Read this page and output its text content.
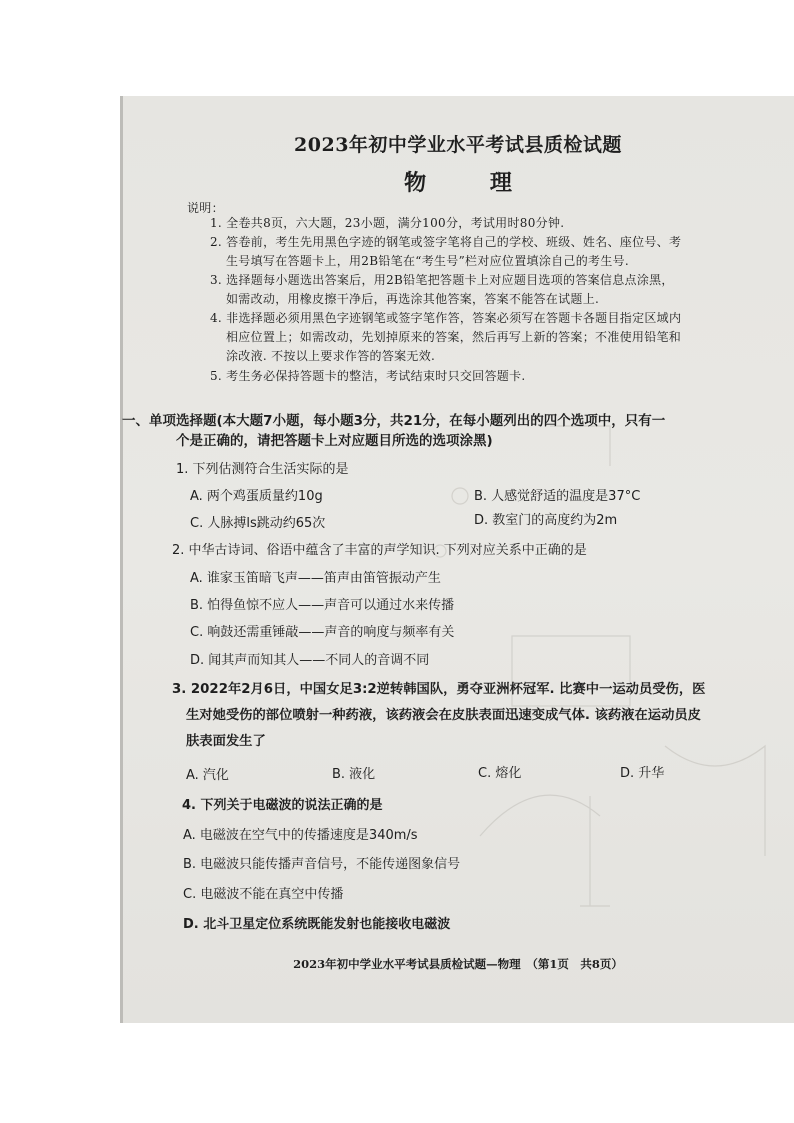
2023年初中学业水平考试县质检试题
物 理
说明：
1. 全卷共8页，六大题，23小题，满分100分，考试用时80分钟.
2. 答卷前，考生先用黑色字迹的钢笔或签字笔将自己的学校、班级、姓名、座位号、考
生号填写在答题卡上，用2B铅笔在“考生号”栏对应位置填涂自己的考生号.
3. 选择题每小题选出答案后，用2B铅笔把答题卡上对应题目选项的答案信息点涂黑，
如需改动，用橡皮擦干净后，再选涂其他答案，答案不能答在试题上.
4. 非选择题必须用黑色字迹钢笔或签字笔作答，答案必须写在答题卡各题目指定区域内
相应位置上；如需改动，先划掉原来的答案，然后再写上新的答案；不准使用铅笔和
涂改液. 不按以上要求作答的答案无效.
5. 考生务必保持答题卡的整洁，考试结束时只交回答题卡.
一、单项选择题(本大题7小题，每小题3分，共21分，在每小题列出的四个选项中，只有一
个是正确的，请把答题卡上对应题目所选的选项涂黑)
1. 下列估测符合生活实际的是
A. 两个鸡蛋质量约10g	B. 人感觉舒适的温度是37°C
C. 人脉搏ls跳动约65次	D. 教室门的高度约为2m
2. 中华古诗词、俗语中蕴含了丰富的声学知识. 下列对应关系中正确的是
A. 谁家玉笛暗飞声——笛声由笛管振动产生
B. 怕得鱼惊不应人——声音可以通过水来传播
C. 响鼓还需重锤敲——声音的响度与频率有关
D. 闻其声而知其人——不同人的音调不同
3. 2022年2月6日，中国女足3:2逆转韩国队，勇夺亚洲杯冠军. 比赛中一运动员受伤，医
生对她受伤的部位喷射一种药液，该药液会在皮肤表面迅速变成气体. 该药液在运动员皮
肤表面发生了
A. 汽化	B. 液化	C. 熔化	D. 升华
4. 下列关于电磁波的说法正确的是
A. 电磁波在空气中的传播速度是340m/s
B. 电磁波只能传播声音信号，不能传递图象信号
C. 电磁波不能在真空中传播
D. 北斗卫星定位系统既能发射也能接收电磁波
2023年初中学业水平考试县质检试题—物理　（第1页　共8页）
